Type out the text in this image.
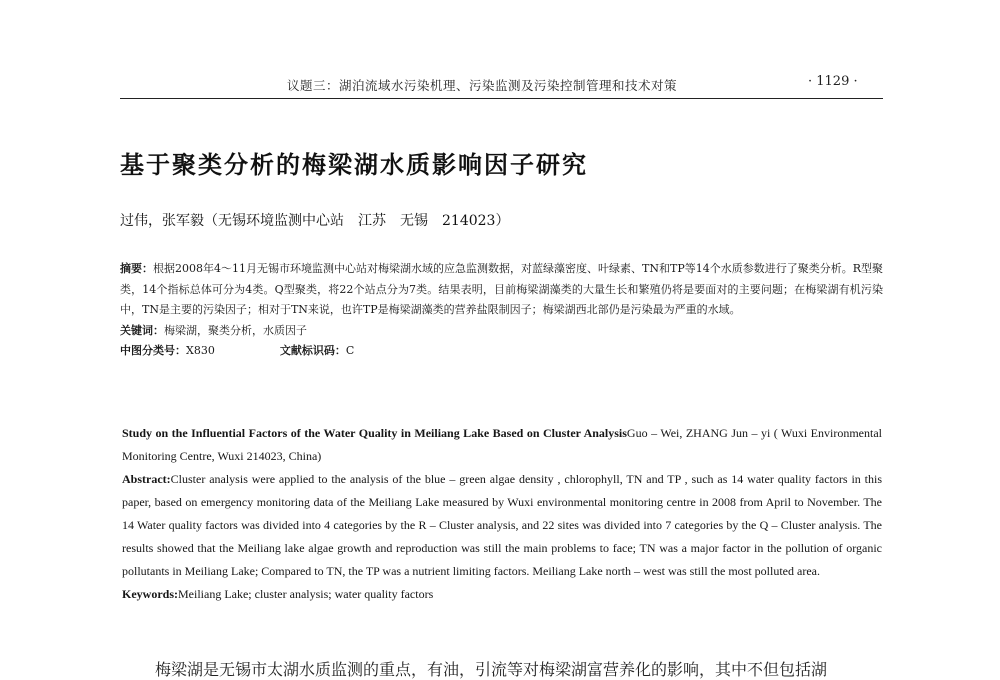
议题三：湖泊流域水污染机理、污染监测及污染控制管理和技术对策	· 1129 ·
基于聚类分析的梅梁湖水质影响因子研究
过伟，张军毅（无锡环境监测中心站　江苏　无锡　214023）
摘要：根据2008年4～11月无锡市环境监测中心站对梅梁湖水域的应急监测数据，对蓝绿藻密度、叶绿素、TN和TP等14个水质参数进行了聚类分析。R型聚类，14个指标总体可分为4类。Q型聚类，将22个站点分为7类。结果表明，目前梅梁湖藻类的大量生长和繁殖仍将是要面对的主要问题；在梅梁湖有机污染中，TN是主要的污染因子；相对于TN来说，也许TP是梅梁湖藻类的营养盐限制因子；梅梁湖西北部仍是污染最为严重的水域。
关键词：梅梁湖，聚类分析，水质因子
中图分类号：X830	文献标识码：C
Study on the Influential Factors of the Water Quality in Meiliang Lake Based on Cluster AnalysisGuo – Wei, ZHANG Jun – yi ( Wuxi Environmental Monitoring Centre, Wuxi 214023, China)
Abstract:Cluster analysis were applied to the analysis of the blue – green algae density , chlorophyll, TN and TP , such as 14 water quality factors in this paper, based on emergency monitoring data of the Meiliang Lake measured by Wuxi environmental monitoring centre in 2008 from April to November. The 14 Water quality factors was divided into 4 categories by the R – Cluster analysis, and 22 sites was divided into 7 categories by the Q – Cluster analysis. The results showed that the Meiliang lake algae growth and reproduction was still the main problems to face; TN was a major factor in the pollution of organic pollutants in Meiliang Lake; Compared to TN, the TP was a nutrient limiting factors. Meiliang Lake north – west was still the most polluted area.
Keywords:Meiliang Lake; cluster analysis; water quality factors
梅梁湖是无锡市太湖水质监测的重点，有油，引流等对梅梁湖富营养化的影响，其中不但包括湖
